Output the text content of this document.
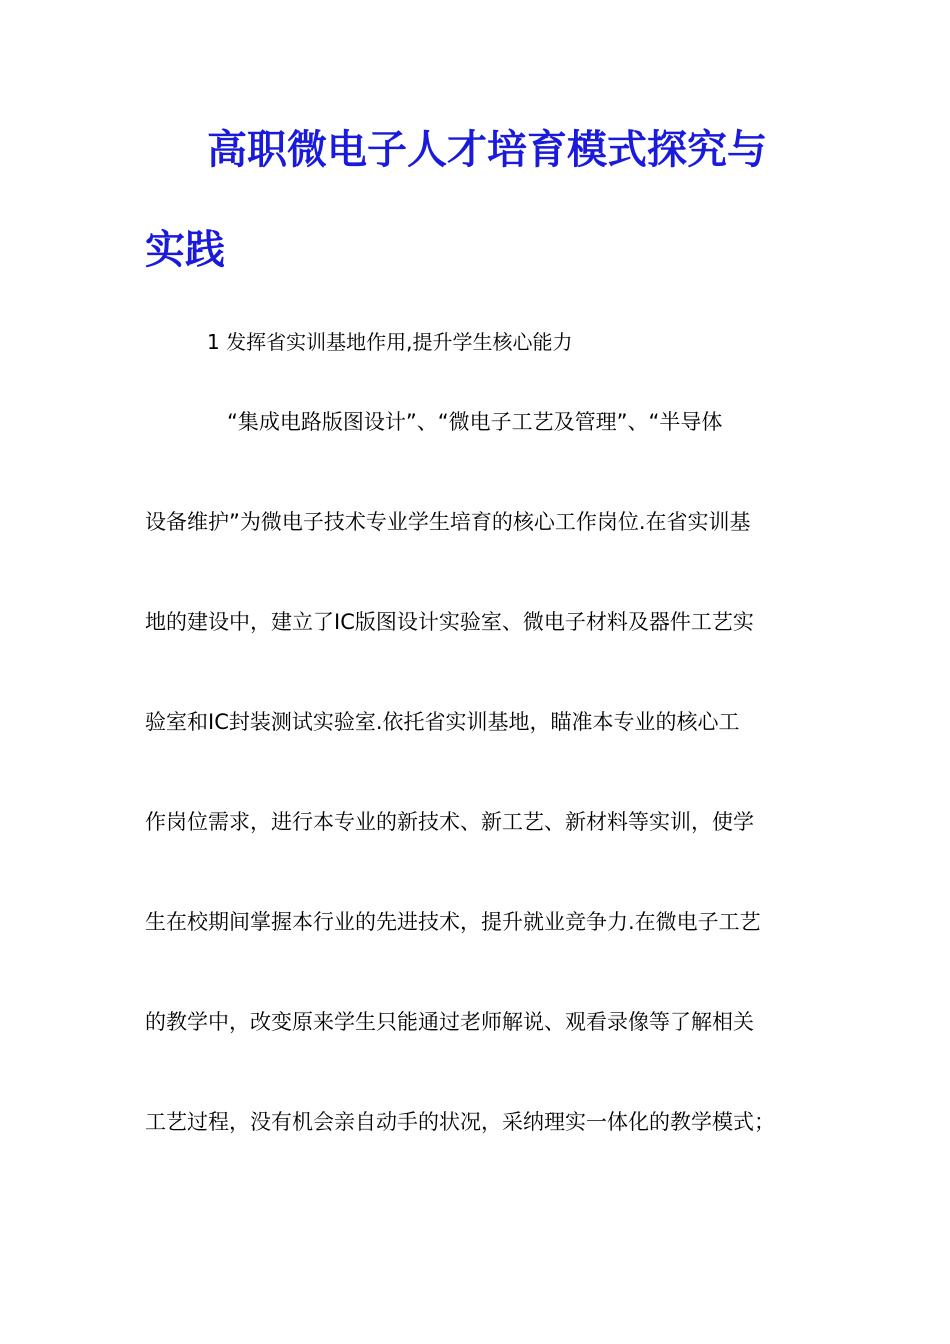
高职微电子人才培育模式探究与
实践

1 发挥省实训基地作用,提升学生核心能力

“集成电路版图设计”、“微电子工艺及管理”、“半导体

设备维护”为微电子技术专业学生培育的核心工作岗位.在省实训基

地的建设中，建立了IC版图设计实验室、微电子材料及器件工艺实

验室和IC封装测试实验室.依托省实训基地，瞄准本专业的核心工

作岗位需求，进行本专业的新技术、新工艺、新材料等实训，使学

生在校期间掌握本行业的先进技术，提升就业竞争力.在微电子工艺

的教学中，改变原来学生只能通过老师解说、观看录像等了解相关

工艺过程，没有机会亲自动手的状况，采纳理实一体化的教学模式；
